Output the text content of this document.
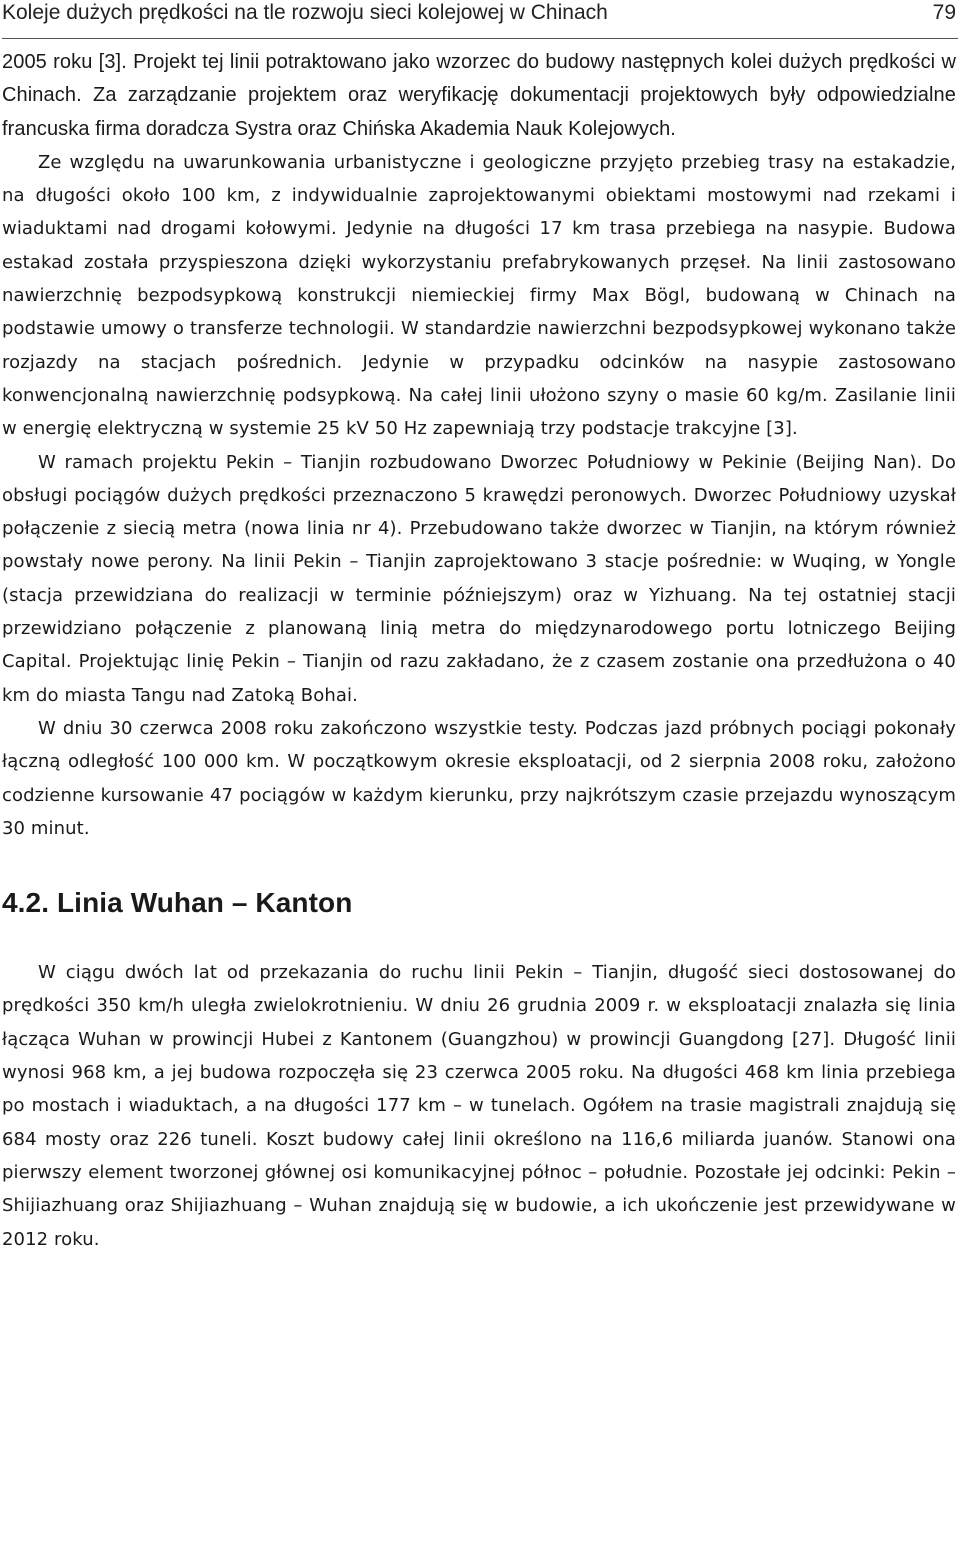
Koleje dużych prędkości na tle rozwoju sieci kolejowej w Chinach	79

2005 roku [3]. Projekt tej linii potraktowano jako wzorzec do budowy następnych kolei dużych prędkości w Chinach. Za zarządzanie projektem oraz weryfikację dokumentacji projektowych były odpowiedzialne francuska firma doradcza Systra oraz Chińska Akademia Nauk Kolejowych.

Ze względu na uwarunkowania urbanistyczne i geologiczne przyjęto przebieg trasy na estakadzie, na długości około 100 km, z indywidualnie zaprojektowanymi obiektami mostowymi nad rzekami i wiaduktami nad drogami kołowymi. Jedynie na długości 17 km trasa przebiega na nasypie. Budowa estakad została przyspieszona dzięki wykorzystaniu prefabrykowanych przęseł. Na linii zastosowano nawierzchnię bezpodsypkową konstrukcji niemieckiej firmy Max Bögl, budowaną w Chinach na podstawie umowy o transferze technologii. W standardzie nawierzchni bezpodsypkowej wykonano także rozjazdy na stacjach pośrednich. Jedynie w przypadku odcinków na nasypie zastosowano konwencjonalną nawierzchnię podsypkową. Na całej linii ułożono szyny o masie 60 kg/m. Zasilanie linii w energię elektryczną w systemie 25 kV 50 Hz zapewniają trzy podstacje trakcyjne [3].

W ramach projektu Pekin – Tianjin rozbudowano Dworzec Południowy w Pekinie (Beijing Nan). Do obsługi pociągów dużych prędkości przeznaczono 5 krawędzi peronowych. Dworzec Południowy uzyskał połączenie z siecią metra (nowa linia nr 4). Przebudowano także dworzec w Tianjin, na którym również powstały nowe perony. Na linii Pekin – Tianjin zaprojektowano 3 stacje pośrednie: w Wuqing, w Yongle (stacja przewidziana do realizacji w terminie późniejszym) oraz w Yizhuang. Na tej ostatniej stacji przewidziano połączenie z planowaną linią metra do międzynarodowego portu lotniczego Beijing Capital. Projektując linię Pekin – Tianjin od razu zakładano, że z czasem zostanie ona przedłużona o 40 km do miasta Tangu nad Zatoką Bohai.

W dniu 30 czerwca 2008 roku zakończono wszystkie testy. Podczas jazd próbnych pociągi pokonały łączną odległość 100 000 km. W początkowym okresie eksploatacji, od 2 sierpnia 2008 roku, założono codzienne kursowanie 47 pociągów w każdym kierunku, przy najkrótszym czasie przejazdu wynoszącym 30 minut.

4.2. Linia Wuhan – Kanton

W ciągu dwóch lat od przekazania do ruchu linii Pekin – Tianjin, długość sieci dostosowanej do prędkości 350 km/h uległa zwielokrotnieniu. W dniu 26 grudnia 2009 r. w eksploatacji znalazła się linia łącząca Wuhan w prowincji Hubei z Kantonem (Guangzhou) w prowincji Guangdong [27]. Długość linii wynosi 968 km, a jej budowa rozpoczęła się 23 czerwca 2005 roku. Na długości 468 km linia przebiega po mostach i wiaduktach, a na długości 177 km – w tunelach. Ogółem na trasie magistrali znajdują się 684 mosty oraz 226 tuneli. Koszt budowy całej linii określono na 116,6 miliarda juanów. Stanowi ona pierwszy element tworzonej głównej osi komunikacyjnej północ – południe. Pozostałe jej odcinki: Pekin – Shijiazhuang oraz Shijiazhuang – Wuhan znajdują się w budowie, a ich ukończenie jest przewidywane w 2012 roku.
